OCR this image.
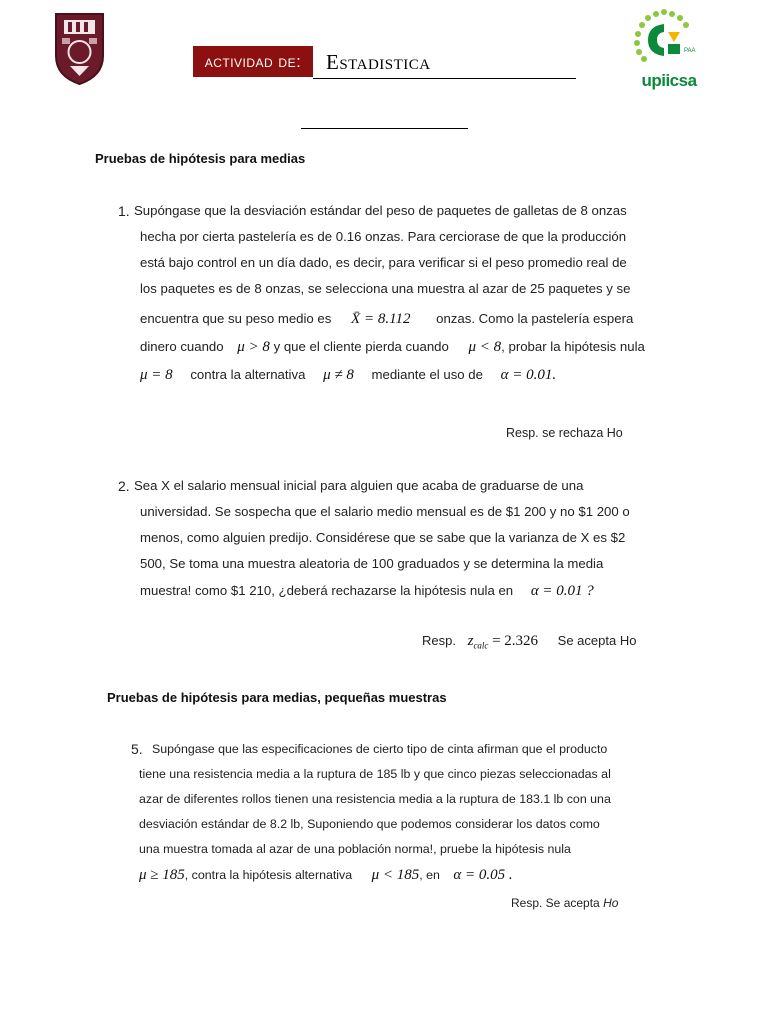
actividad de:	Estadistica	PAA
upiicsa
Pruebas de hipótesis para medias
1. Supóngase que la desviación estándar del peso de paquetes de galletas de 8 onzas
hecha por cierta pastelería es de 0.16 onzas. Para cerciorase de que la producción
está bajo control en un día dado, es decir, para verificar si el peso promedio real de
los paquetes es de 8 onzas, se selecciona una muestra al azar de 25 paquetes y se
encuentra que su peso medio es X̄ = 8.112 onzas. Como la pastelería espera
dinero cuando μ > 8 y que el cliente pierda cuando μ < 8, probar la hipótesis nula
μ = 8 contra la alternativa μ ≠ 8 mediante el uso de α = 0.01.
Resp. se rechaza Ho
2. Sea X el salario mensual inicial para alguien que acaba de graduarse de una
universidad. Se sospecha que el salario medio mensual es de $1 200 y no $1 200 o
menos, como alguien predijo. Considérese que se sabe que la varianza de X es $2
500, Se toma una muestra aleatoria de 100 graduados y se determina la media
muestra! como $1 210, ¿deberá rechazarse la hipótesis nula en α = 0.01 ?
Resp. $z_{calc} = 2.326$ Se acepta Ho
Pruebas de hipótesis para medias, pequeñas muestras
5. Supóngase que las especificaciones de cierto tipo de cinta afirman que el producto
tiene una resistencia media a la ruptura de 185 lb y que cinco piezas seleccionadas al
azar de diferentes rollos tienen una resistencia media a la ruptura de 183.1 lb con una
desviación estándar de 8.2 lb, Suponiendo que podemos considerar los datos como
una muestra tomada al azar de una población norma!, pruebe la hipótesis nula
μ ≥ 185, contra la hipótesis alternativa μ < 185, en α = 0.05 .
Resp. Se acepta Ho
